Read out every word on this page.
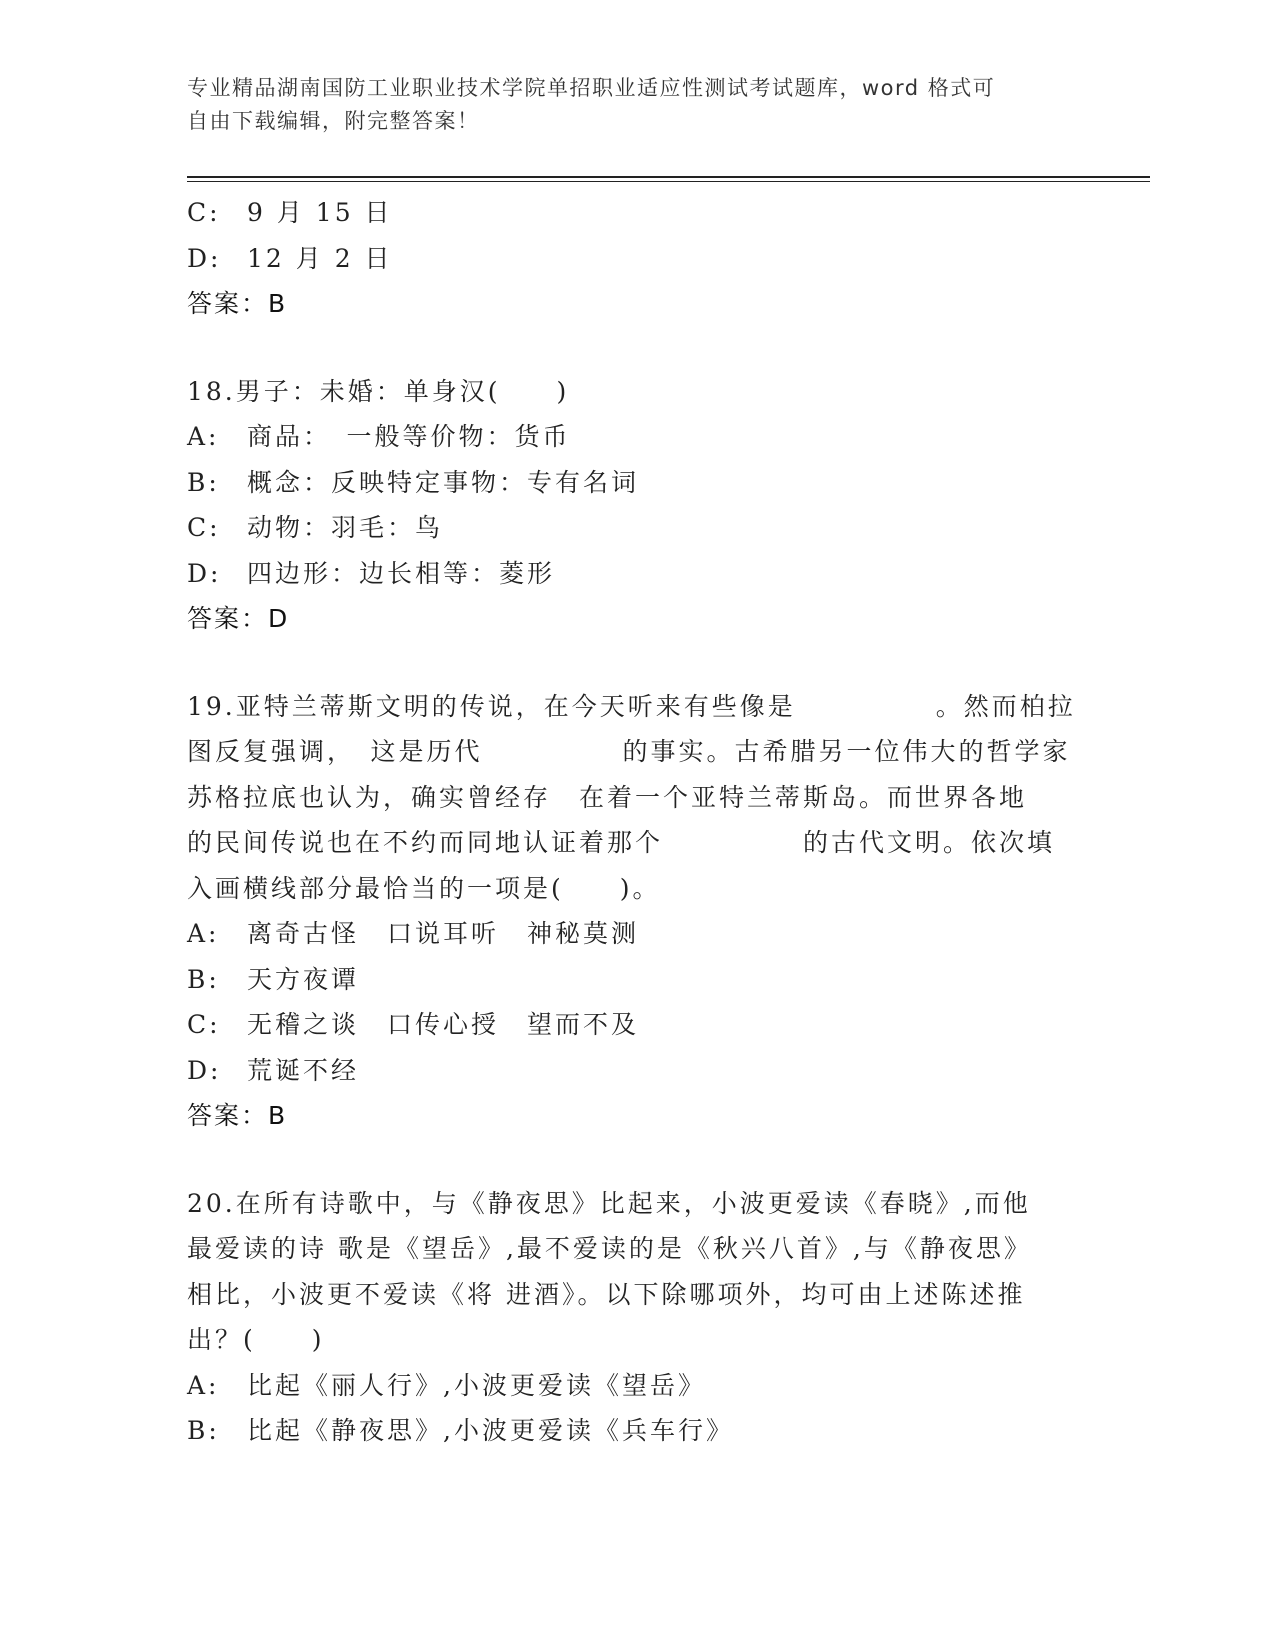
专业精品湖南国防工业职业技术学院单招职业适应性测试考试题库，word 格式可
自由下载编辑，附完整答案！
C:	9 月 15 日
D:	12 月 2 日
答案：B
18.男子：未婚：单身汉(　　)
A:	商品：　一般等价物：货币
B:	概念：反映特定事物：专有名词
C:	动物：羽毛：鸟
D:	四边形：边长相等：菱形
答案：D
19.亚特兰蒂斯文明的传说，在今天听来有些像是　　　　　。然而柏拉
图反复强调，　这是历代　　　　　的事实。古希腊另一位伟大的哲学家
苏格拉底也认为，确实曾经存　在着一个亚特兰蒂斯岛。而世界各地
的民间传说也在不约而同地认证着那个　　　　　的古代文明。依次填
入画横线部分最恰当的一项是(　　)。
A:	离奇古怪　口说耳听　神秘莫测
B:	天方夜谭
C:	无稽之谈　口传心授　望而不及
D:	荒诞不经
答案：B
20.在所有诗歌中，与《静夜思》比起来，小波更爱读《春晓》,而他
最爱读的诗 歌是《望岳》,最不爱读的是《秋兴八首》,与《静夜思》
相比，小波更不爱读《将 进酒》。以下除哪项外，均可由上述陈述推
出？(　　)
A:	比起《丽人行》,小波更爱读《望岳》
B:	比起《静夜思》,小波更爱读《兵车行》
